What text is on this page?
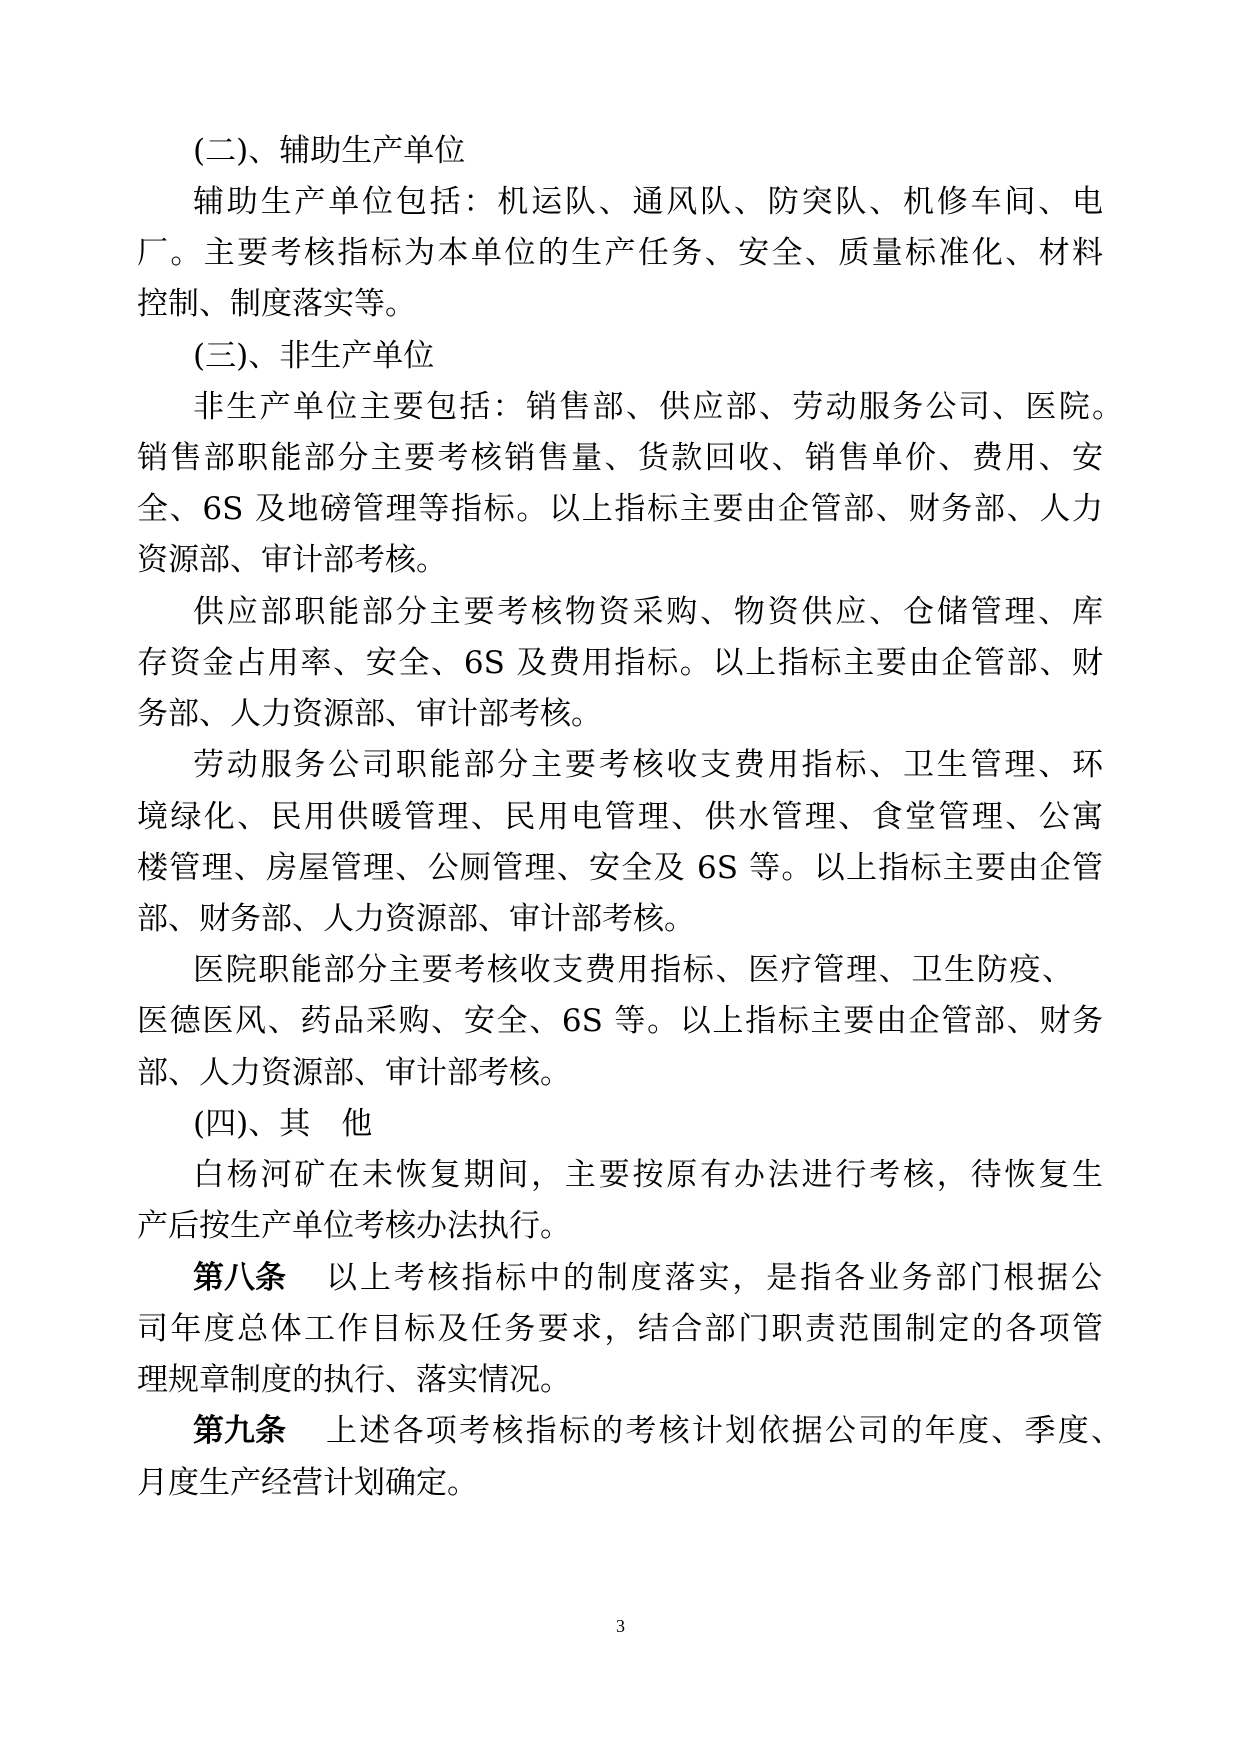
(二)、辅助生产单位

辅助生产单位包括：机运队、通风队、防突队、机修车间、电

厂。主要考核指标为本单位的生产任务、安全、质量标准化、材料

控制、制度落实等。

(三)、非生产单位

非生产单位主要包括：销售部、供应部、劳动服务公司、医院。

销售部职能部分主要考核销售量、货款回收、销售单价、费用、安

全、6S 及地磅管理等指标。以上指标主要由企管部、财务部、人力

资源部、审计部考核。

供应部职能部分主要考核物资采购、物资供应、仓储管理、库

存资金占用率、安全、6S 及费用指标。以上指标主要由企管部、财

务部、人力资源部、审计部考核。

劳动服务公司职能部分主要考核收支费用指标、卫生管理、环

境绿化、民用供暖管理、民用电管理、供水管理、食堂管理、公寓

楼管理、房屋管理、公厕管理、安全及 6S 等。以上指标主要由企管

部、财务部、人力资源部、审计部考核。

医院职能部分主要考核收支费用指标、医疗管理、卫生防疫、

医德医风、药品采购、安全、6S 等。以上指标主要由企管部、财务

部、人力资源部、审计部考核。

(四)、其　他

白杨河矿在未恢复期间，主要按原有办法进行考核，待恢复生

产后按生产单位考核办法执行。

第八条 以上考核指标中的制度落实，是指各业务部门根据公

司年度总体工作目标及任务要求，结合部门职责范围制定的各项管

理规章制度的执行、落实情况。

第九条 上述各项考核指标的考核计划依据公司的年度、季度、

月度生产经营计划确定。

3
